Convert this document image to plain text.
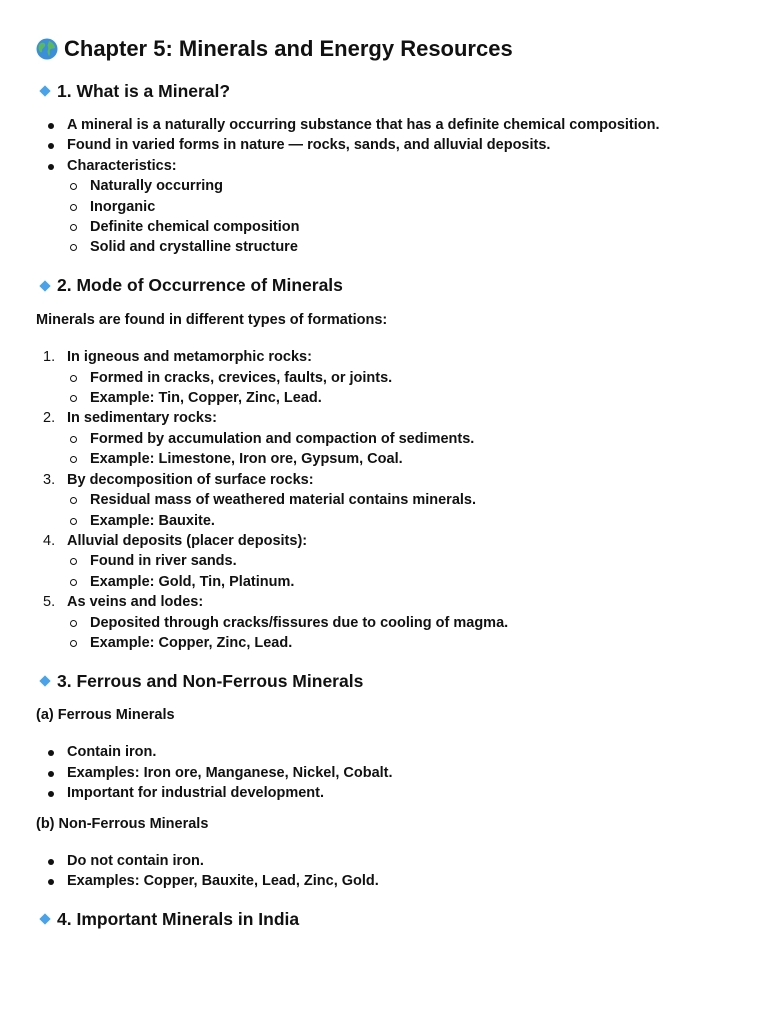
Chapter 5: Minerals and Energy Resources
1. What is a Mineral?
A mineral is a naturally occurring substance that has a definite chemical composition.
Found in varied forms in nature — rocks, sands, and alluvial deposits.
Characteristics:
Naturally occurring
Inorganic
Definite chemical composition
Solid and crystalline structure
2. Mode of Occurrence of Minerals
Minerals are found in different types of formations:
1. In igneous and metamorphic rocks:
Formed in cracks, crevices, faults, or joints.
Example: Tin, Copper, Zinc, Lead.
2. In sedimentary rocks:
Formed by accumulation and compaction of sediments.
Example: Limestone, Iron ore, Gypsum, Coal.
3. By decomposition of surface rocks:
Residual mass of weathered material contains minerals.
Example: Bauxite.
4. Alluvial deposits (placer deposits):
Found in river sands.
Example: Gold, Tin, Platinum.
5. As veins and lodes:
Deposited through cracks/fissures due to cooling of magma.
Example: Copper, Zinc, Lead.
3. Ferrous and Non-Ferrous Minerals
(a) Ferrous Minerals
Contain iron.
Examples: Iron ore, Manganese, Nickel, Cobalt.
Important for industrial development.
(b) Non-Ferrous Minerals
Do not contain iron.
Examples: Copper, Bauxite, Lead, Zinc, Gold.
4. Important Minerals in India
